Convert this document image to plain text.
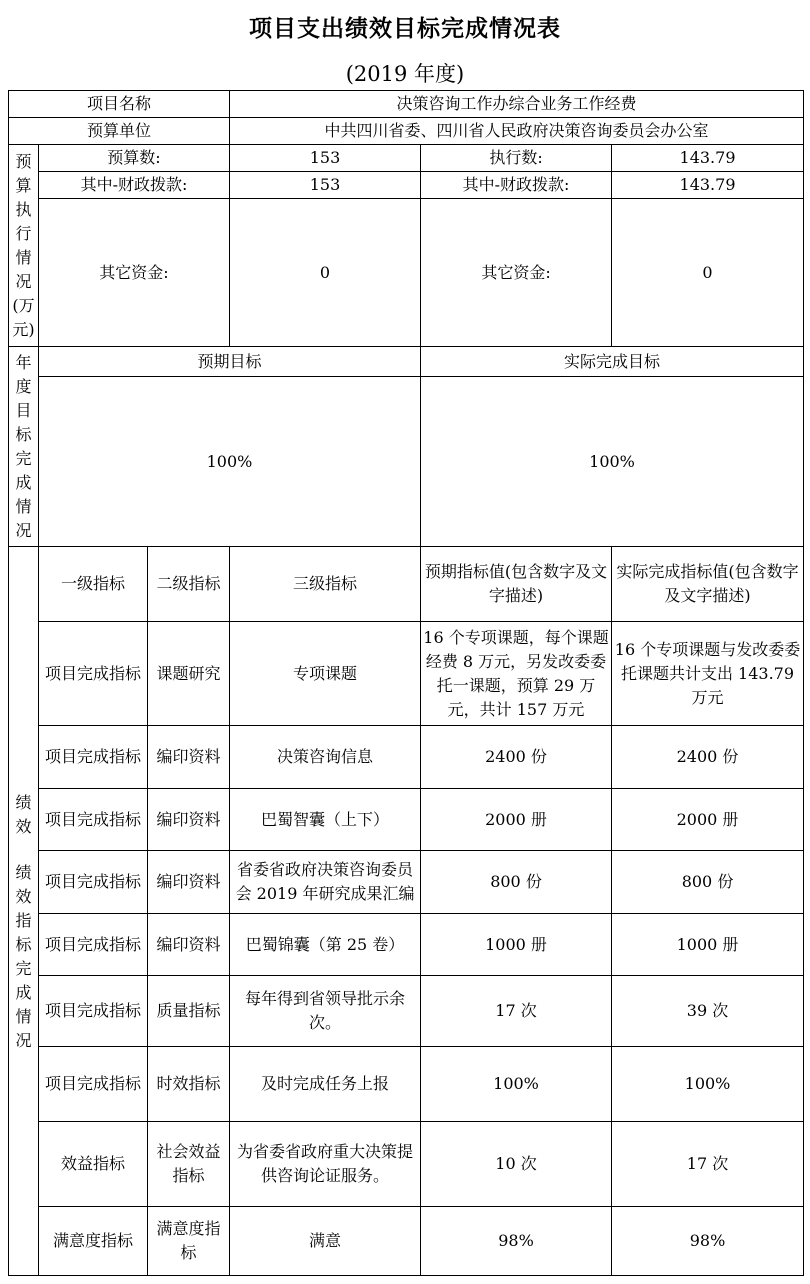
项目支出绩效目标完成情况表
(2019 年度)
项目名称			决策咨询工作办综合业务工作经费		
预算单位			中共四川省委、四川省人民政府决策咨询委员会办公室		
预算执行情况(万元)	预算数:		153	执行数:	143.79
	其中-财政拨款:		153	其中-财政拨款:	143.79
	其它资金:		0	其它资金:	0
年度目标完成情况	预期目标			实际完成目标	
	100%			100%	

绩效
绩效指标完成情况	一级指标	二级指标	三级指标	预期指标值(包含数字及文字描述)	实际完成指标值(包含数字及文字描述)
	项目完成指标	课题研究	专项课题	16 个专项课题，每个课题经费 8 万元，另发改委委托一课题，预算 29 万元，共计 157 万元	16 个专项课题与发改委委托课题共计支出 143.79 万元
	项目完成指标	编印资料	决策咨询信息	2400 份	2400 份
	项目完成指标	编印资料	巴蜀智囊（上下）	2000 册	2000 册
	项目完成指标	编印资料	省委省政府决策咨询委员会 2019 年研究成果汇编	800 份	800 份
	项目完成指标	编印资料	巴蜀锦囊（第 25 卷）	1000 册	1000 册
	项目完成指标	质量指标	每年得到省领导批示余次。	17 次	39 次
	项目完成指标	时效指标	及时完成任务上报	100%	100%
	效益指标	社会效益指标	为省委省政府重大决策提供咨询论证服务。	10 次	17 次
	满意度指标	满意度指标	满意	98%	98%
